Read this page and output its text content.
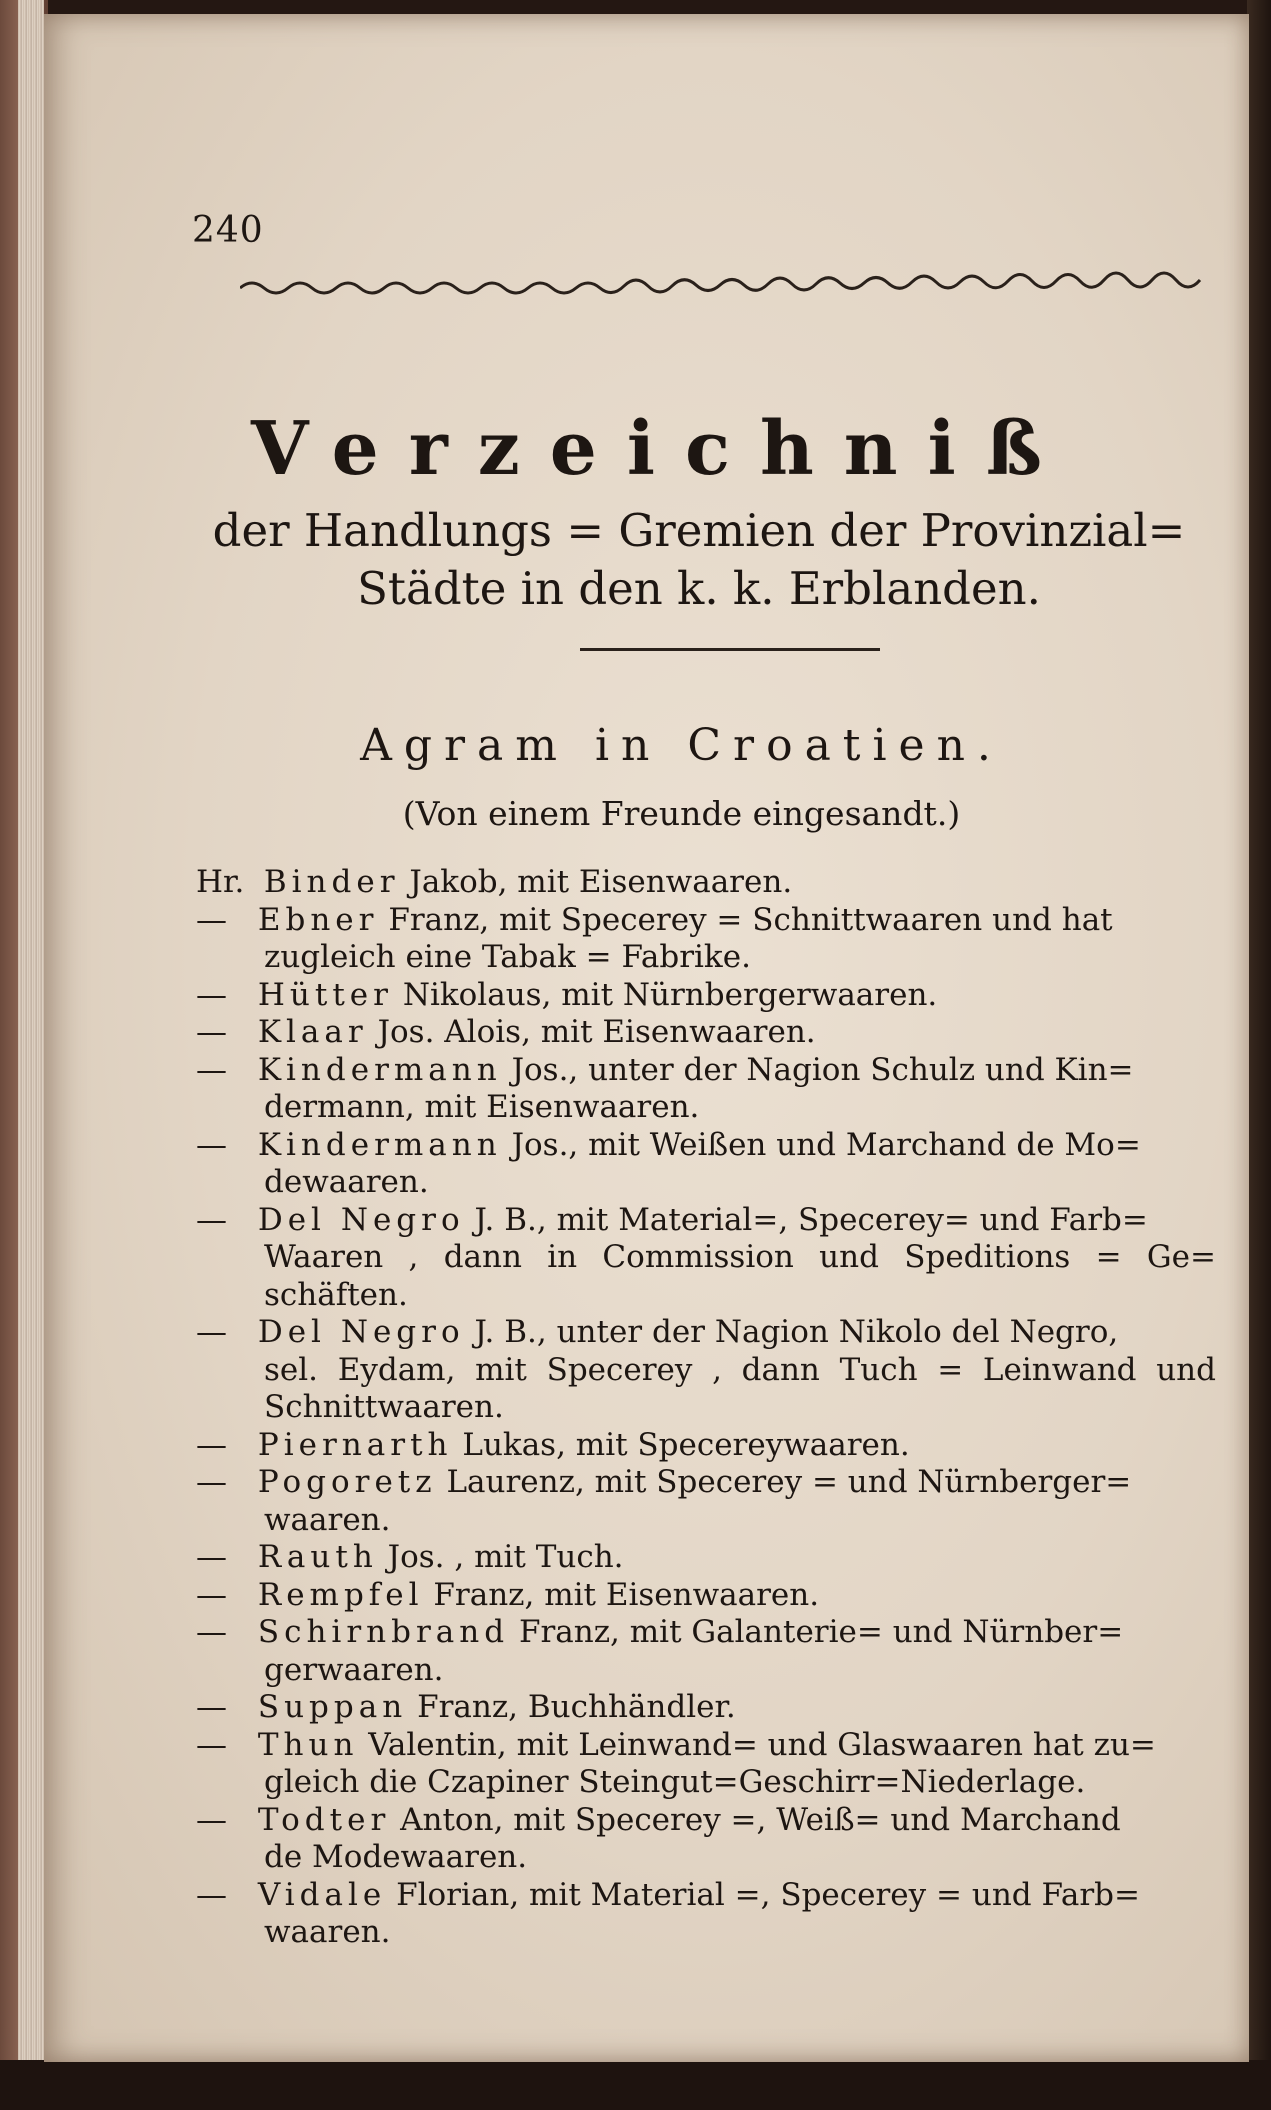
240
Verzeichniß
der Handlungs = Gremien der Provinzial=
Städte in den k. k. Erblanden.
Agram in Croatien.
(Von einem Freunde eingesandt.)
Hr. Binder Jakob, mit Eisenwaaren.
— Ebner Franz, mit Specerey = Schnittwaaren und hat
zugleich eine Tabak = Fabrike.
— Hütter Nikolaus, mit Nürnbergerwaaren.
— Klaar Jos. Alois, mit Eisenwaaren.
— Kindermann Jos., unter der Nagion Schulz und Kin=
dermann, mit Eisenwaaren.
— Kindermann Jos., mit Weißen und Marchand de Mo=
dewaaren.
— Del Negro J. B., mit Material=, Specerey= und Farb=
Waaren , dann in Commission und Speditions = Ge= schäften.
— Del Negro J. B., unter der Nagion Nikolo del Negro,
sel. Eydam, mit Specerey , dann Tuch = Leinwand und Schnittwaaren.
— Piernarth Lukas, mit Specereywaaren.
— Pogoretz Laurenz, mit Specerey = und Nürnberger=
waaren.
— Rauth Jos. , mit Tuch.
— Rempfel Franz, mit Eisenwaaren.
— Schirnbrand Franz, mit Galanterie= und Nürnber=
gerwaaren.
— Suppan Franz, Buchhändler.
— Thun Valentin, mit Leinwand= und Glaswaaren hat zu=
gleich die Czapiner Steingut=Geschirr=Niederlage.
— Todter Anton, mit Specerey =, Weiß= und Marchand
de Modewaaren.
— Vidale Florian, mit Material =, Specerey = und Farb=
waaren.
